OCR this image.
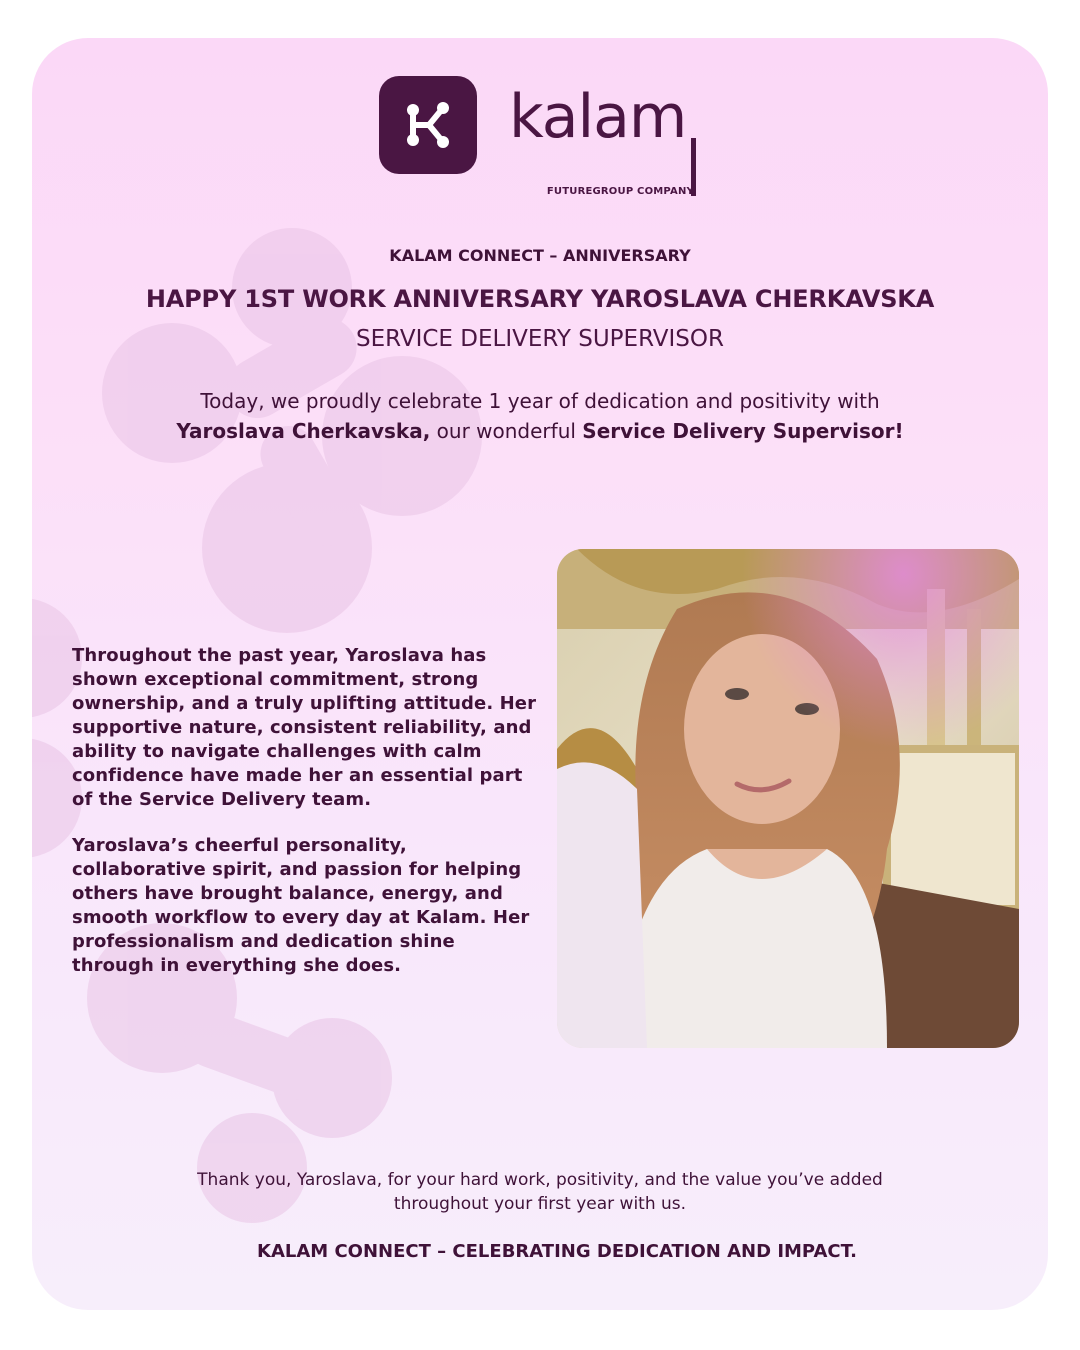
kalam
FUTUREGROUP COMPANY
KALAM CONNECT – ANNIVERSARY
HAPPY 1ST WORK ANNIVERSARY YAROSLAVA CHERKAVSKA
SERVICE DELIVERY SUPERVISOR
Today, we proudly celebrate 1 year of dedication and positivity with
Yaroslava Cherkavska, our wonderful Service Delivery Supervisor!

Throughout the past year, Yaroslava has shown exceptional commitment, strong ownership, and a truly uplifting attitude. Her supportive nature, consistent reliability, and ability to navigate challenges with calm confidence have made her an essential part of the Service Delivery team.

Yaroslava’s cheerful personality, collaborative spirit, and passion for helping others have brought balance, energy, and smooth workflow to every day at Kalam. Her professionalism and dedication shine through in everything she does.

Thank you, Yaroslava, for your hard work, positivity, and the value you’ve added throughout your first year with us.
KALAM CONNECT – CELEBRATING DEDICATION AND IMPACT.
